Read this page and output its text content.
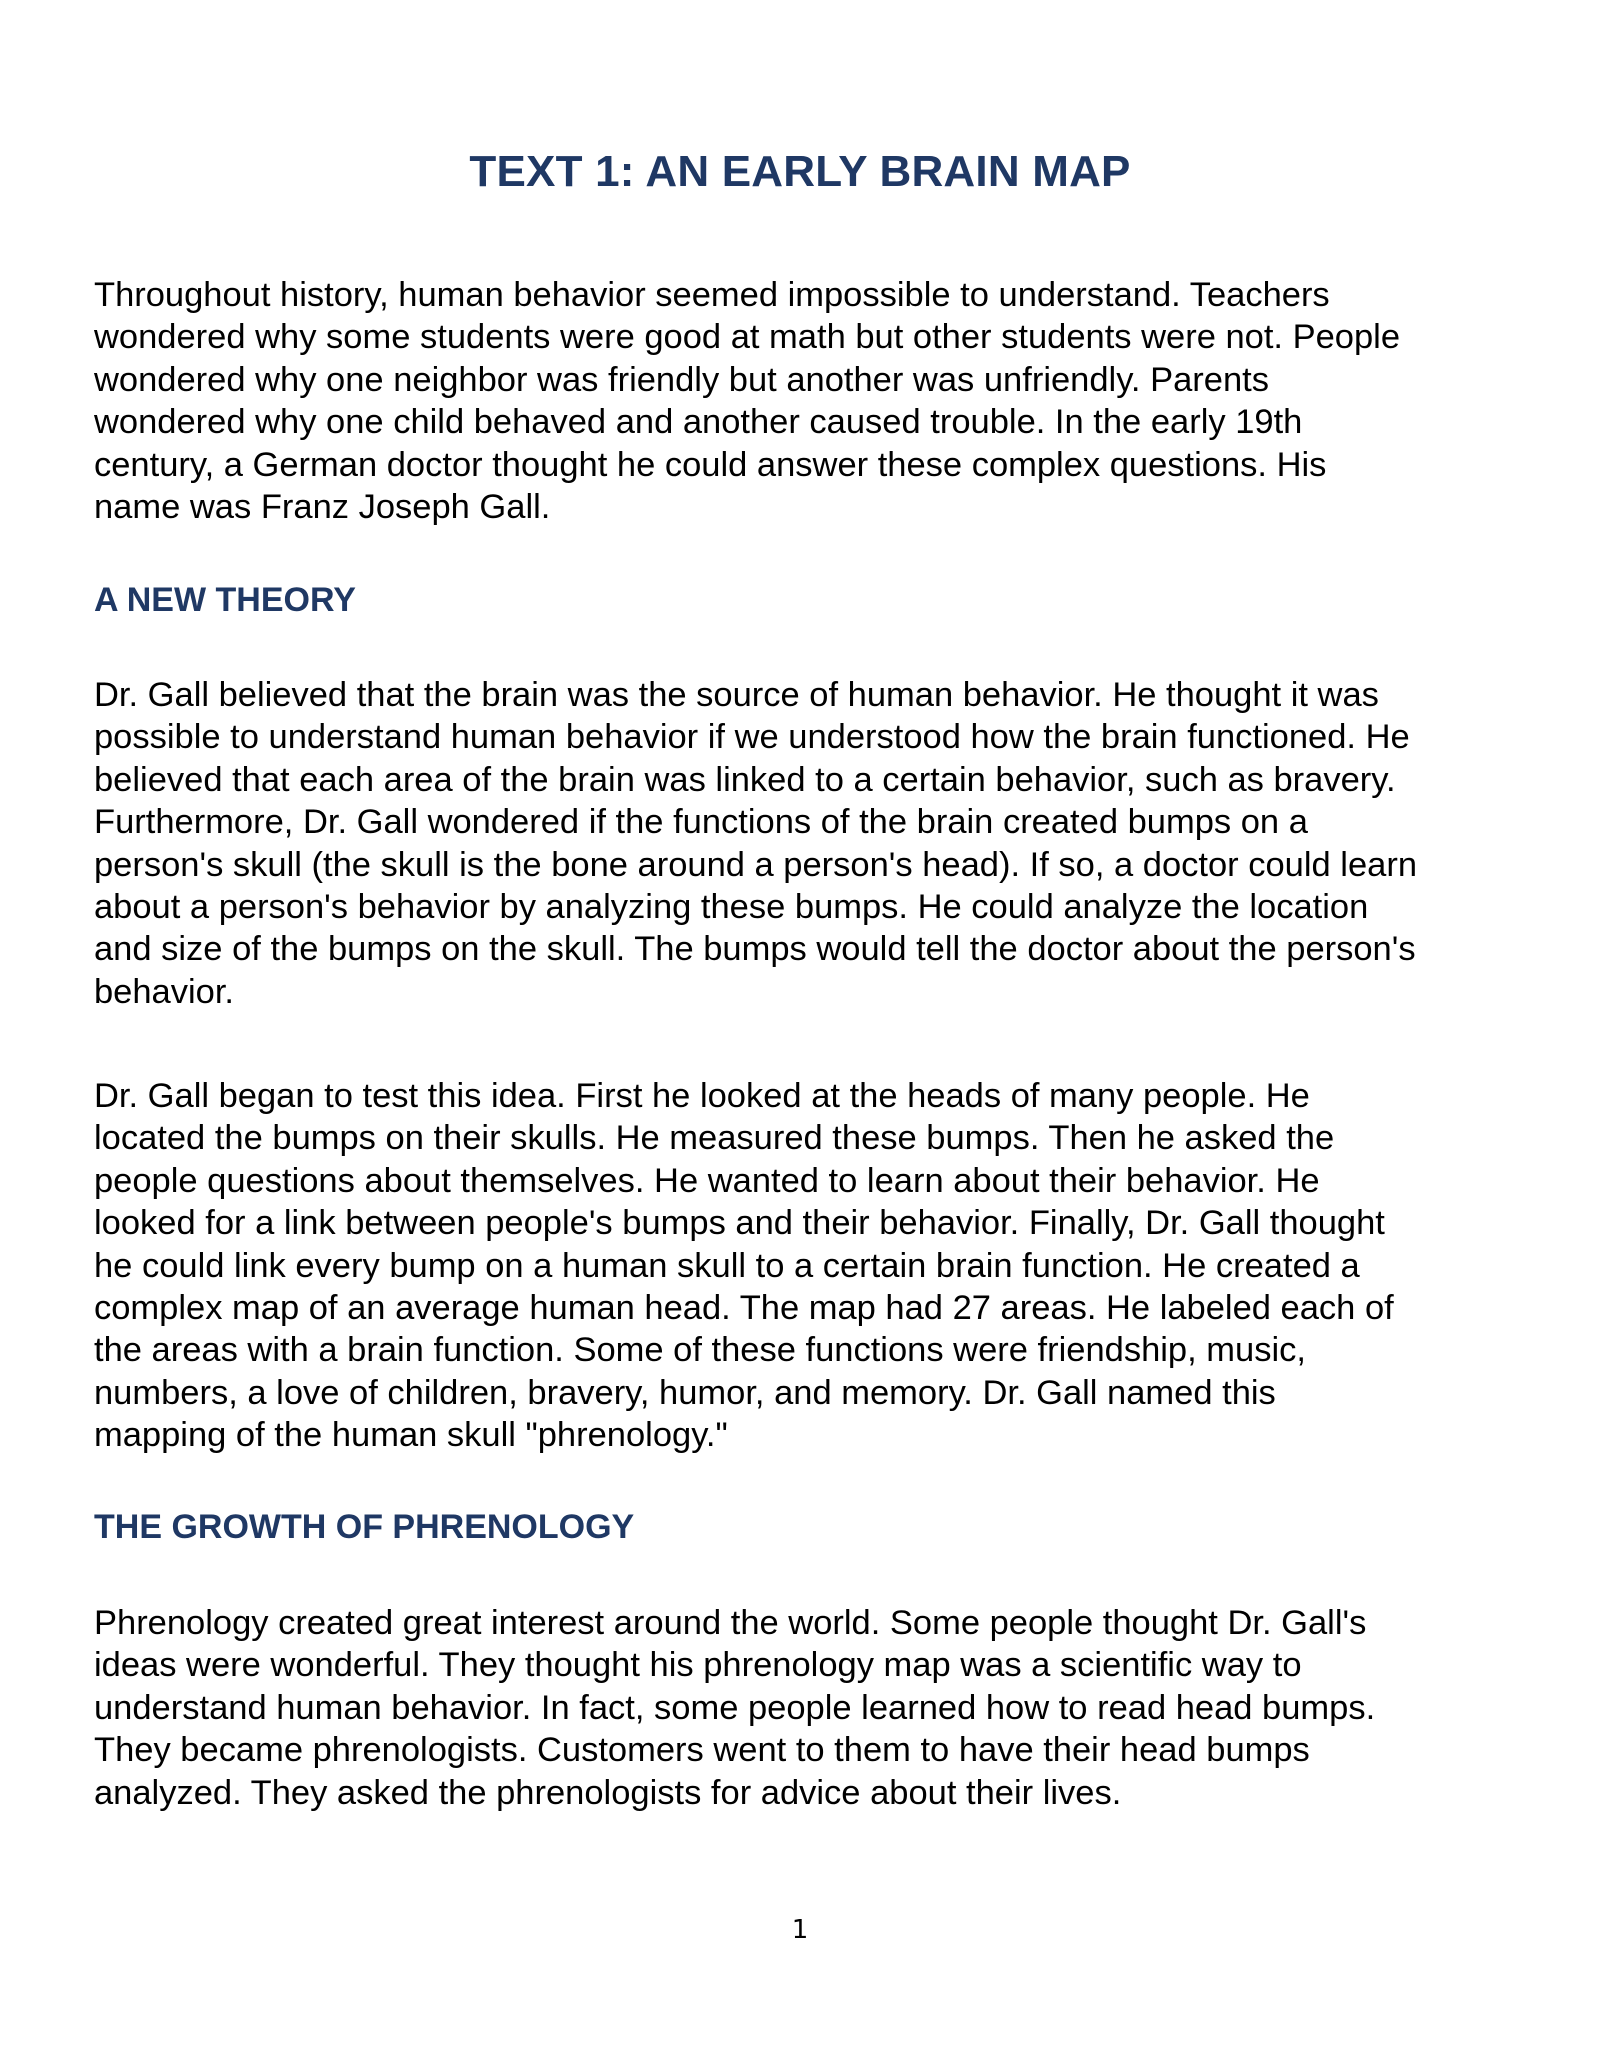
TEXT 1: AN EARLY BRAIN MAP

Throughout history, human behavior seemed impossible to understand. Teachers
wondered why some students were good at math but other students were not. People
wondered why one neighbor was friendly but another was unfriendly. Parents
wondered why one child behaved and another caused trouble. In the early 19th
century, a German doctor thought he could answer these complex questions. His
name was Franz Joseph Gall.

A NEW THEORY

Dr. Gall believed that the brain was the source of human behavior. He thought it was
possible to understand human behavior if we understood how the brain functioned. He
believed that each area of the brain was linked to a certain behavior, such as bravery.
Furthermore, Dr. Gall wondered if the functions of the brain created bumps on a
person's skull (the skull is the bone around a person's head). If so, a doctor could learn
about a person's behavior by analyzing these bumps. He could analyze the location
and size of the bumps on the skull. The bumps would tell the doctor about the person's
behavior.

Dr. Gall began to test this idea. First he looked at the heads of many people. He
located the bumps on their skulls. He measured these bumps. Then he asked the
people questions about themselves. He wanted to learn about their behavior. He
looked for a link between people's bumps and their behavior. Finally, Dr. Gall thought
he could link every bump on a human skull to a certain brain function. He created a
complex map of an average human head. The map had 27 areas. He labeled each of
the areas with a brain function. Some of these functions were friendship, music,
numbers, a love of children, bravery, humor, and memory. Dr. Gall named this
mapping of the human skull "phrenology."

THE GROWTH OF PHRENOLOGY

Phrenology created great interest around the world. Some people thought Dr. Gall's
ideas were wonderful. They thought his phrenology map was a scientific way to
understand human behavior. In fact, some people learned how to read head bumps.
They became phrenologists. Customers went to them to have their head bumps
analyzed. They asked the phrenologists for advice about their lives.

1
